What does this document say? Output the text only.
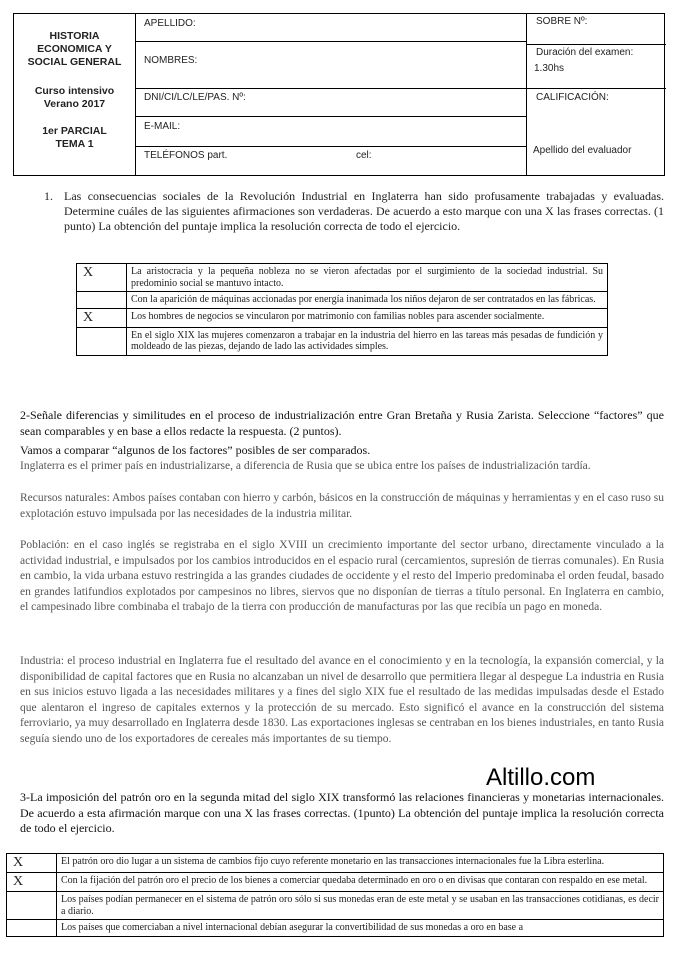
HISTORIA
ECONOMICA Y
SOCIAL GENERAL
Curso intensivo
Verano 2017
1er PARCIAL
TEMA 1
APELLIDO:
NOMBRES:
DNI/CI/LC/LE/PAS. Nº:
E-MAIL:
TELÉFONOS part.	cel:
SOBRE Nº:
Duración del examen:
1.30hs
CALIFICACIÓN:
Apellido del evaluador
1. Las consecuencias sociales de la Revolución Industrial en Inglaterra han sido profusamente trabajadas y evaluadas. Determine cuáles de las siguientes afirmaciones son verdaderas. De acuerdo a esto marque con una X las frases correctas. (1 punto) La obtención del puntaje implica la resolución correcta de todo el ejercicio.
X	La aristocracia y la pequeña nobleza no se vieron afectadas por el surgimiento de la sociedad industrial. Su predominio social se mantuvo intacto.
	Con la aparición de máquinas accionadas por energía inanimada los niños dejaron de ser contratados en las fábricas.
X	Los hombres de negocios se vincularon por matrimonio con familias nobles para ascender socialmente.
	En el siglo XIX las mujeres comenzaron a trabajar en la industria del hierro en las tareas más pesadas de fundición y moldeado de las piezas, dejando de lado las actividades simples.
2-Señale diferencias y similitudes en el proceso de industrialización entre Gran Bretaña y Rusia Zarista. Seleccione “factores” que sean comparables y en base a ellos redacte la respuesta. (2 puntos).
Vamos a comparar “algunos de los factores” posibles de ser comparados.
Inglaterra es el primer país en industrializarse, a diferencia de Rusia que se ubica entre los países de industrialización tardía.
Recursos naturales: Ambos países contaban con hierro y carbón, básicos en la construcción de máquinas y herramientas y en el caso ruso su explotación estuvo impulsada por las necesidades de la industria militar.
Población: en el caso inglés se registraba en el siglo XVIII un crecimiento importante del sector urbano, directamente vinculado a la actividad industrial, e impulsados por los cambios introducidos en el espacio rural (cercamientos, supresión de tierras comunales). En Rusia en cambio, la vida urbana estuvo restringida a las grandes ciudades de occidente y el resto del Imperio predominaba el orden feudal, basado en grandes latifundios explotados por campesinos no libres, siervos que no disponían de tierras a título personal. En Inglaterra en cambio, el campesinado libre combinaba el trabajo de la tierra con producción de manufacturas por las que recibía un pago en moneda.
Industria: el proceso industrial en Inglaterra fue el resultado del avance en el conocimiento y en la tecnología, la expansión comercial, y la disponibilidad de capital factores que en Rusia no alcanzaban un nivel de desarrollo que permitiera llegar al despegue La industria en Rusia en sus inicios estuvo ligada a las necesidades militares y a fines del siglo XIX fue el resultado de las medidas impulsadas desde el Estado que alentaron el ingreso de capitales externos y la protección de su mercado. Esto significó el avance en la construcción del sistema ferroviario, ya muy desarrollado en Inglaterra desde 1830. Las exportaciones inglesas se centraban en los bienes industriales, en tanto Rusia seguía siendo uno de los exportadores de cereales más importantes de su tiempo.
Altillo.com
3-La imposición del patrón oro en la segunda mitad del siglo XIX transformó las relaciones financieras y monetarias internacionales. De acuerdo a esta afirmación marque con una X las frases correctas. (1punto) La obtención del puntaje implica la resolución correcta de todo el ejercicio.
X	El patrón oro dio lugar a un sistema de cambios fijo cuyo referente monetario en las transacciones internacionales fue la Libra esterlina.
X	Con la fijación del patrón oro el precio de los bienes a comerciar quedaba determinado en oro o en divisas que contaran con respaldo en ese metal.
	Los países podían permanecer en el sistema de patrón oro sólo si sus monedas eran de este metal y se usaban en las transacciones cotidianas, es decir a diario.
	Los países que comerciaban a nivel internacional debían asegurar la convertibilidad de sus monedas a oro en base a
